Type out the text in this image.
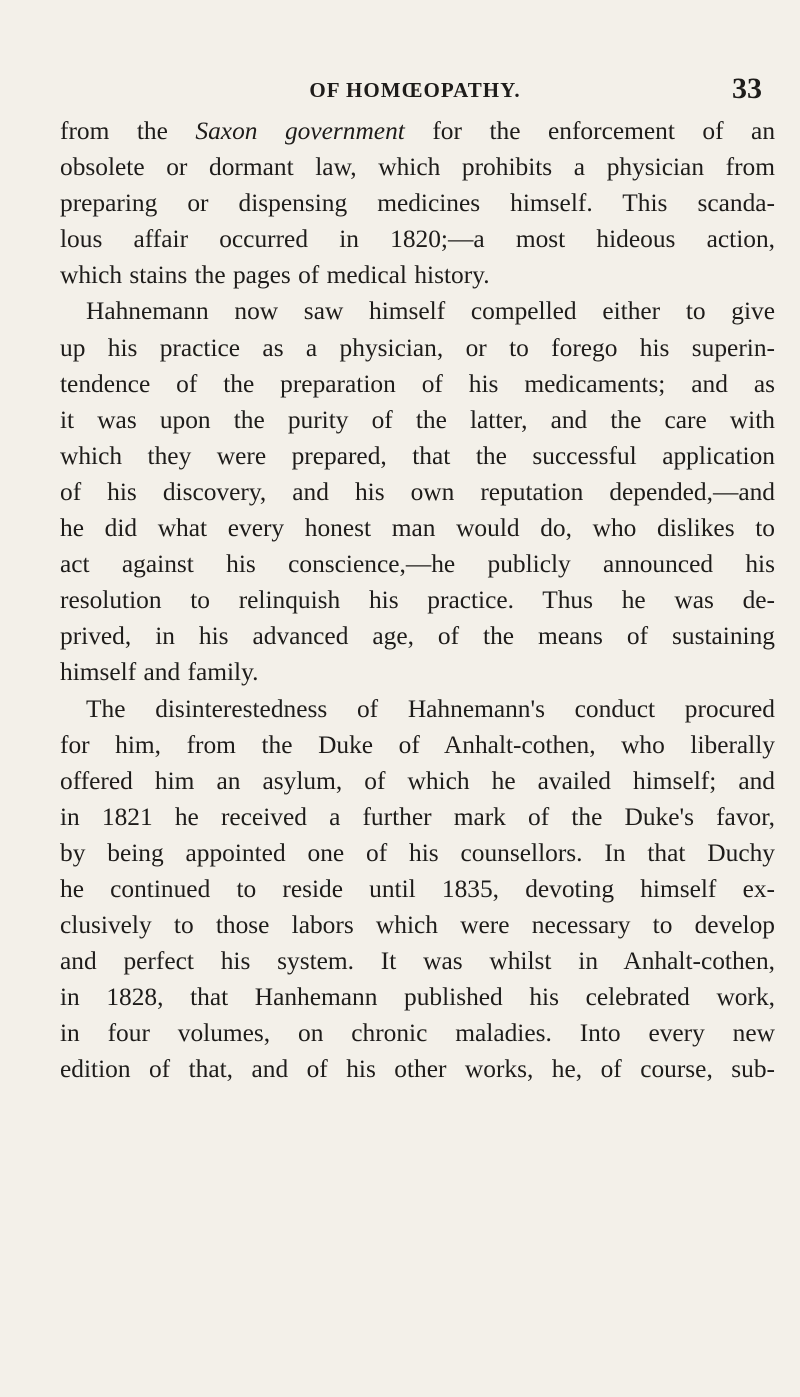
OF HOMŒOPATHY.	33
from the Saxon government for the enforcement of an
obsolete or dormant law, which prohibits a physician from
preparing or dispensing medicines himself. This scanda-
lous affair occurred in 1820;—a most hideous action,
which stains the pages of medical history.
Hahnemann now saw himself compelled either to give
up his practice as a physician, or to forego his superin-
tendence of the preparation of his medicaments; and as
it was upon the purity of the latter, and the care with
which they were prepared, that the successful application
of his discovery, and his own reputation depended,—and
he did what every honest man would do, who dislikes to
act against his conscience,—he publicly announced his
resolution to relinquish his practice. Thus he was de-
prived, in his advanced age, of the means of sustaining
himself and family.
The disinterestedness of Hahnemann's conduct procured
for him, from the Duke of Anhalt-cothen, who liberally
offered him an asylum, of which he availed himself; and
in 1821 he received a further mark of the Duke's favor,
by being appointed one of his counsellors. In that Duchy
he continued to reside until 1835, devoting himself ex-
clusively to those labors which were necessary to develop
and perfect his system. It was whilst in Anhalt-cothen,
in 1828, that Hanhemann published his celebrated work,
in four volumes, on chronic maladies. Into every new
edition of that, and of his other works, he, of course, sub-
